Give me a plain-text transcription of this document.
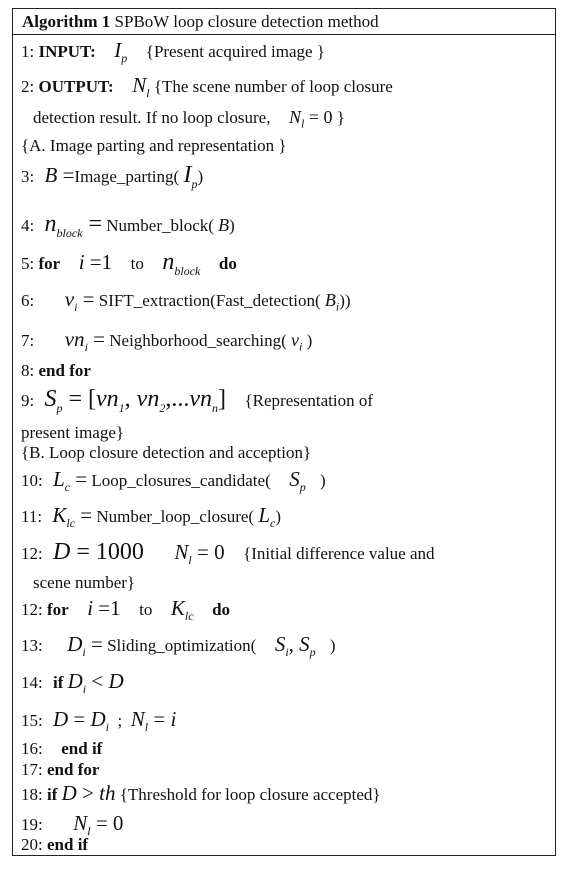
Algorithm 1 SPBoW loop closure detection method
1: INPUT: $I_p$ {Present acquired image }
2: OUTPUT: $N_l$ {The scene number of loop closure
detection result. If no loop closure, $N_l = 0$ }
{A. Image parting and representation }
3: B =Image_parting( $I_p$)
4: $n_{block}$ = Number_block( B)
5: for i =1 to $n_{block}$ do
6: $v_i$ = SIFT_extraction(Fast_detection( $B_i$))
7: $vn_i$ = Neighborhood_searching( $v_i$ )
8: end for
9: $S_p = [vn_1$, $vn_2,...vn_n$] {Representation of
present image}
{B. Loop closure detection and acception}
10: $L_c$ = Loop_closures_candidate( $S_p$ )
11: $K_{lc}$ = Number_loop_closure( $L_c$)
12: D = 1000 $N_l = 0$ {Initial difference value and
scene number}
12: for i =1 to $K_{lc}$ do
13: $D_i$ = Sliding_optimization( $S_i$, $S_p$ )
14: if $D_i < D$
15: $D = D_i$  ;  $N_l = i$
16: end if
17: end for
18: if D > th {Threshold for loop closure accepted}
19: $N_l = 0$
20: end if
